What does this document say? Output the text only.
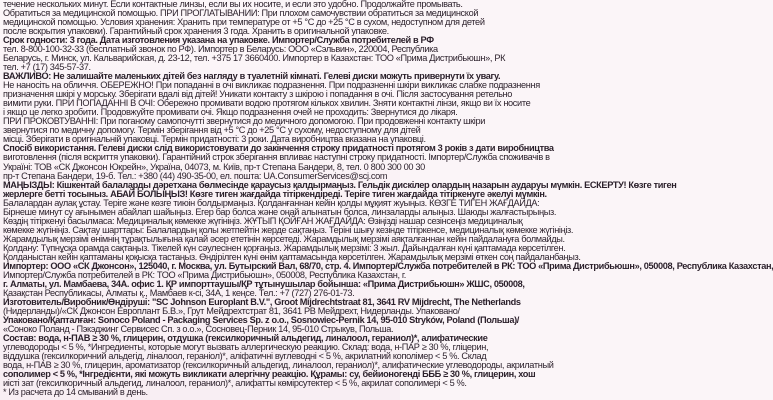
течение нескольких минут. Если контактные линзы, если вы их носите, и если это удобно. Продолжайте промывать.
Обратиться за медицинской помощью. ПРИ ПРОГЛАТЫВАНИИ: При плохом самочувствии обратиться за медицинской
медицинской помощью. Условия хранения: Хранить при температуре от +5 °C до +25 °C в сухом, недоступном для детей
после вскрытия упаковки). Гарантийный срок хранения 3 года. Хранить в оригинальной упаковке.
Срок годности: 3 года. Дата изготовления указана на упаковке. Импортер/Служба потребителей в РФ
тел. 8-800-100-32-33 (бесплатный звонок по РФ). Импортер в Беларусь: ООО «Сэльвин», 220004, Республика
Беларусь, г. Минск, ул. Кальварийская, д. 23-12, тел. +375 17 3660400. Импортер в Казахстан: ТОО «Прима Дистрибьюшн», РК
тел. +7 (17) 345-57-37.
ВАЖЛИВО: Не залишайте маленьких дітей без нагляду в туалетній кімнаті. Гелеві диски можуть привернути їх увагу.
Не наносіть на обличчя. ОБЕРЕЖНО! При попаданні в очі викликає подразнення. При подразненні шкіри викликає слабке подразнення
призначення шкірі у морську. Зберігати вдалі від дітей! Уникати контакту з шкірою і попадання в очі. Після застосування ретельно
вимити руки. ПРИ ПОПАДАННІ В ОЧІ: Обережно промивати водою протягом кількох хвилин. Зняти контактні лінзи, якщо ви їх носите
і якщо це легко зробити. Продовжуйте промивати очі. Якщо подразнення очей не проходить: Звернутися до лікаря.
ПРИ ПРОКОВТУВАННІ: При поганому самопочутті звернутися до медичного допомогою. При продовженні контакту шкіри
звернутися по медичну допомогу. Термін зберігання від +5 °C до +25 °C у сухому, недоступному для дітей
місці. Зберігати в оригінальній упаковці. Термін придатності: 3 роки. Дата виробництва вказана на упаковці.
Спосіб використання. Гелеві диски слід використовувати до закінчення строку придатності протягом 3 років з дати виробництва
виготовлення (після вскриття упаковки). Гарантійний строк зберігання впливає наступні строку придатності. Імпортер/Служба споживачів в
Україні: ТОВ «СК Джонсон Юкрейн», Україна, 04073, м. Київ, пр-т Степана Бандери, 8, тел. 0 800 300 00 30
пр-т Степана Бандери, 19-б. Тел.: +380 (44) 490-35-00, ел. пошта: UA.ConsumerServices@scj.com
МАҢЫЗДЫ: Кішкентай балаларды дәретхана бөлмесінде қараусыз қалдырмаңыз. Гельдік дискілер олардың назарын аударуы мүмкін. ЕСКЕРТУ! Көзге тиген
жерлерге бетті тосыныз. АБАЙ БОЛЫҢЫЗ! Көзге тиген жағдайда тітіркендіреді. Теріге тиген жағдайда тітіркенуге әкелуі мүмкін.
Балалардан аулақ ұстау. Теріге және көзге тиюін болдырмаңыз. Қолданғаннан кейін қолды мұқият жуыңыз. КӨЗГЕ ТИГЕН ЖАҒДАЙДА:
Бірнеше минут су ағынымен абайлап шайыңыз. Егер бар болса және оңай алынатын болса, линзаларды алыңыз. Шаюды жалғастырыңыз.
Көздің тітіркенуі басылмаса: Медициналық көмекке жүгініңіз. ЖҰТЫП ҚОЙҒАН ЖАҒДАЙДА: Өзіңізді нашар сезінсеңіз медициналық
көмекке жүгініңіз. Сақтау шарттары: Балалардың қолы жетпейтін жерде сақтаңыз. Теріні шығу кезінде тітіркенсе, медициналық көмекке жүгініңіз.
Жарамдылық мерзімі өнімнің тұрақтылығына қалай әсер ететінін көрсетеді. Жарамдылық мерзімі аяқталғаннан кейін пайдалануға болмайды.
Қолдану: Түпнұсқа орамда сақтаңыз. Тікелей күн сәулесінен қорғаңыз. Жарамдылық мерзімі: 3 жыл. Дайындалған күні қаптамада көрсетілген.
Қолданыстан кейін қаптаманы қоқысқа тастаңыз. Өндірілген күні өнім қаптамасында көрсетілген. Жарамдылық мерзімі өткен соң пайдаланбаңыз.
Импортер: ООО «СК Джонсон», 125040, г. Москва, ул. Бутырский Вал, 68/70, стр. 4. Импортер/Служба потребителей в РК: ТОО «Прима Дистрибьюшн», 050008, Республика Казахстан,
Импортер/Служба потребителей в РК: ТОО «Прима Дистрибьюшн», 050008, Республика Казахстан, г.
г. Алматы, ул. Мамбаева, 34А. офис 1. ҚР импорттаушы/ҚР тұтынушылар бойынша: «Прима Дистрибьюшн» ЖШС, 050008,
Қазақстан Республикасы, Алматы қ., Мамбаев к-сі, 34А, 1 кеңсе. Тел.: +7 (727) 276-01-73.
Изготовитель/Виробник/Өндіруші: "SC Johnson Europlant B.V.", Groot Mijdrechtstraat 81, 3641 RV Mijdrecht, The Netherlands
(Нидерланды)/«СК Джонсон Европлант Б.В.», Грут Мейдрехтстрат 81, 3641 РВ Мейдрехт, Нидерланды. Упаковано/
Упаковано/Қапталған: Sonoco Poland - Packaging Services Sp. z o.o., Sosnowiec-Pernik 14, 95-010 Stryków, Poland (Польша)/
«Соноко Поланд - Пэкэджинг Сервисес Сп. з о.о.», Сосновец-Перник 14, 95-010 Стрыкув, Польша.
Состав: вода, н-ПАВ ≥ 30 %, глицерин, отдушка (гексилкоричный альдегид, линалоол, гераниол)*, алифатические
углеводороды < 5 %, *Ингредиенты, которые могут вызвать аллергическую реакцию. Склад: вода, н-ПАР ≥ 30 %, гліцерин,
віддушка (гексилкоричний альдегід, ліналоол, гераніол)*, аліфатичні вуглеводні < 5 %, акрилатний кополімер < 5 %. Склад
вода, н-ПАВ ≥ 30 %, глицерин, ароматизатор (гексилкоричный альдегид, линалоол, гераниол)*, алифатические углеводороды, акрилатный
сополимер < 5 %, *Інгредієнти, які можуть викликати алергічну реакцію. Құрамы: су, бейионогенді БББ ≥ 30 %, глицерин, хош
иісті зат (гексилкоричный альдегид, линалоол, гераниол)*, алифатты көмірсутектер < 5 %, акрилат сополимері < 5 %.
* Из расчета до 14 смываний в день.
